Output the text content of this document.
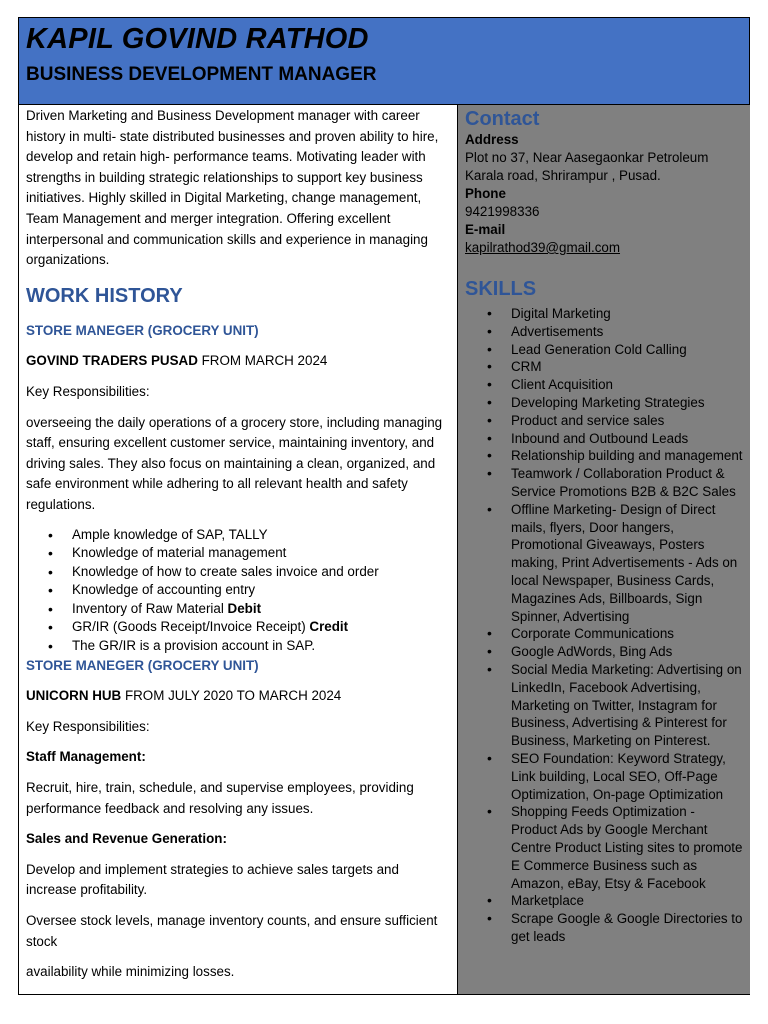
KAPIL GOVIND RATHOD
BUSINESS DEVELOPMENT MANAGER

Driven Marketing and Business Development manager with career history in multi- state distributed businesses and proven ability to hire, develop and retain high- performance teams. Motivating leader with strengths in building strategic relationships to support key business initiatives. Highly skilled in Digital Marketing, change management, Team Management and merger integration. Offering excellent interpersonal and communication skills and experience in managing organizations.

WORK HISTORY
STORE MANEGER (GROCERY UNIT)

GOVIND TRADERS PUSAD FROM MARCH 2024

Key Responsibilities:

overseeing the daily operations of a grocery store, including managing staff, ensuring excellent customer service, maintaining inventory, and driving sales. They also focus on maintaining a clean, organized, and safe environment while adhering to all relevant health and safety regulations.

• Ample knowledge of SAP, TALLY
• Knowledge of material management
• Knowledge of how to create sales invoice and order
• Knowledge of accounting entry
• Inventory of Raw Material Debit
• GR/IR (Goods Receipt/Invoice Receipt) Credit
• The GR/IR is a provision account in SAP.
STORE MANEGER (GROCERY UNIT)

UNICORN HUB FROM JULY 2020 TO MARCH 2024

Key Responsibilities:

Staff Management:

Recruit, hire, train, schedule, and supervise employees, providing performance feedback and resolving any issues.

Sales and Revenue Generation:

Develop and implement strategies to achieve sales targets and increase profitability.

Oversee stock levels, manage inventory counts, and ensure sufficient stock

availability while minimizing losses.

Contact
Address
Plot no 37, Near Aasegaonkar Petroleum
Karala road, Shrirampur , Pusad.
Phone
9421998336
E-mail
kapilrathod39@gmail.com
SKILLS
• Digital Marketing
• Advertisements
• Lead Generation Cold Calling
• CRM
• Client Acquisition
• Developing Marketing Strategies
• Product and service sales
• Inbound and Outbound Leads
• Relationship building and management
• Teamwork / Collaboration Product & Service Promotions B2B & B2C Sales
• Offline Marketing- Design of Direct mails, flyers, Door hangers, Promotional Giveaways, Posters making, Print Advertisements - Ads on local Newspaper, Business Cards, Magazines Ads, Billboards, Sign Spinner, Advertising
• Corporate Communications
• Google AdWords, Bing Ads
• Social Media Marketing: Advertising on LinkedIn, Facebook Advertising, Marketing on Twitter, Instagram for Business, Advertising & Pinterest for Business, Marketing on Pinterest.
• SEO Foundation: Keyword Strategy, Link building, Local SEO, Off-Page Optimization, On-page Optimization
• Shopping Feeds Optimization - Product Ads by Google Merchant Centre Product Listing sites to promote E Commerce Business such as Amazon, eBay, Etsy & Facebook
• Marketplace
• Scrape Google & Google Directories to get leads
